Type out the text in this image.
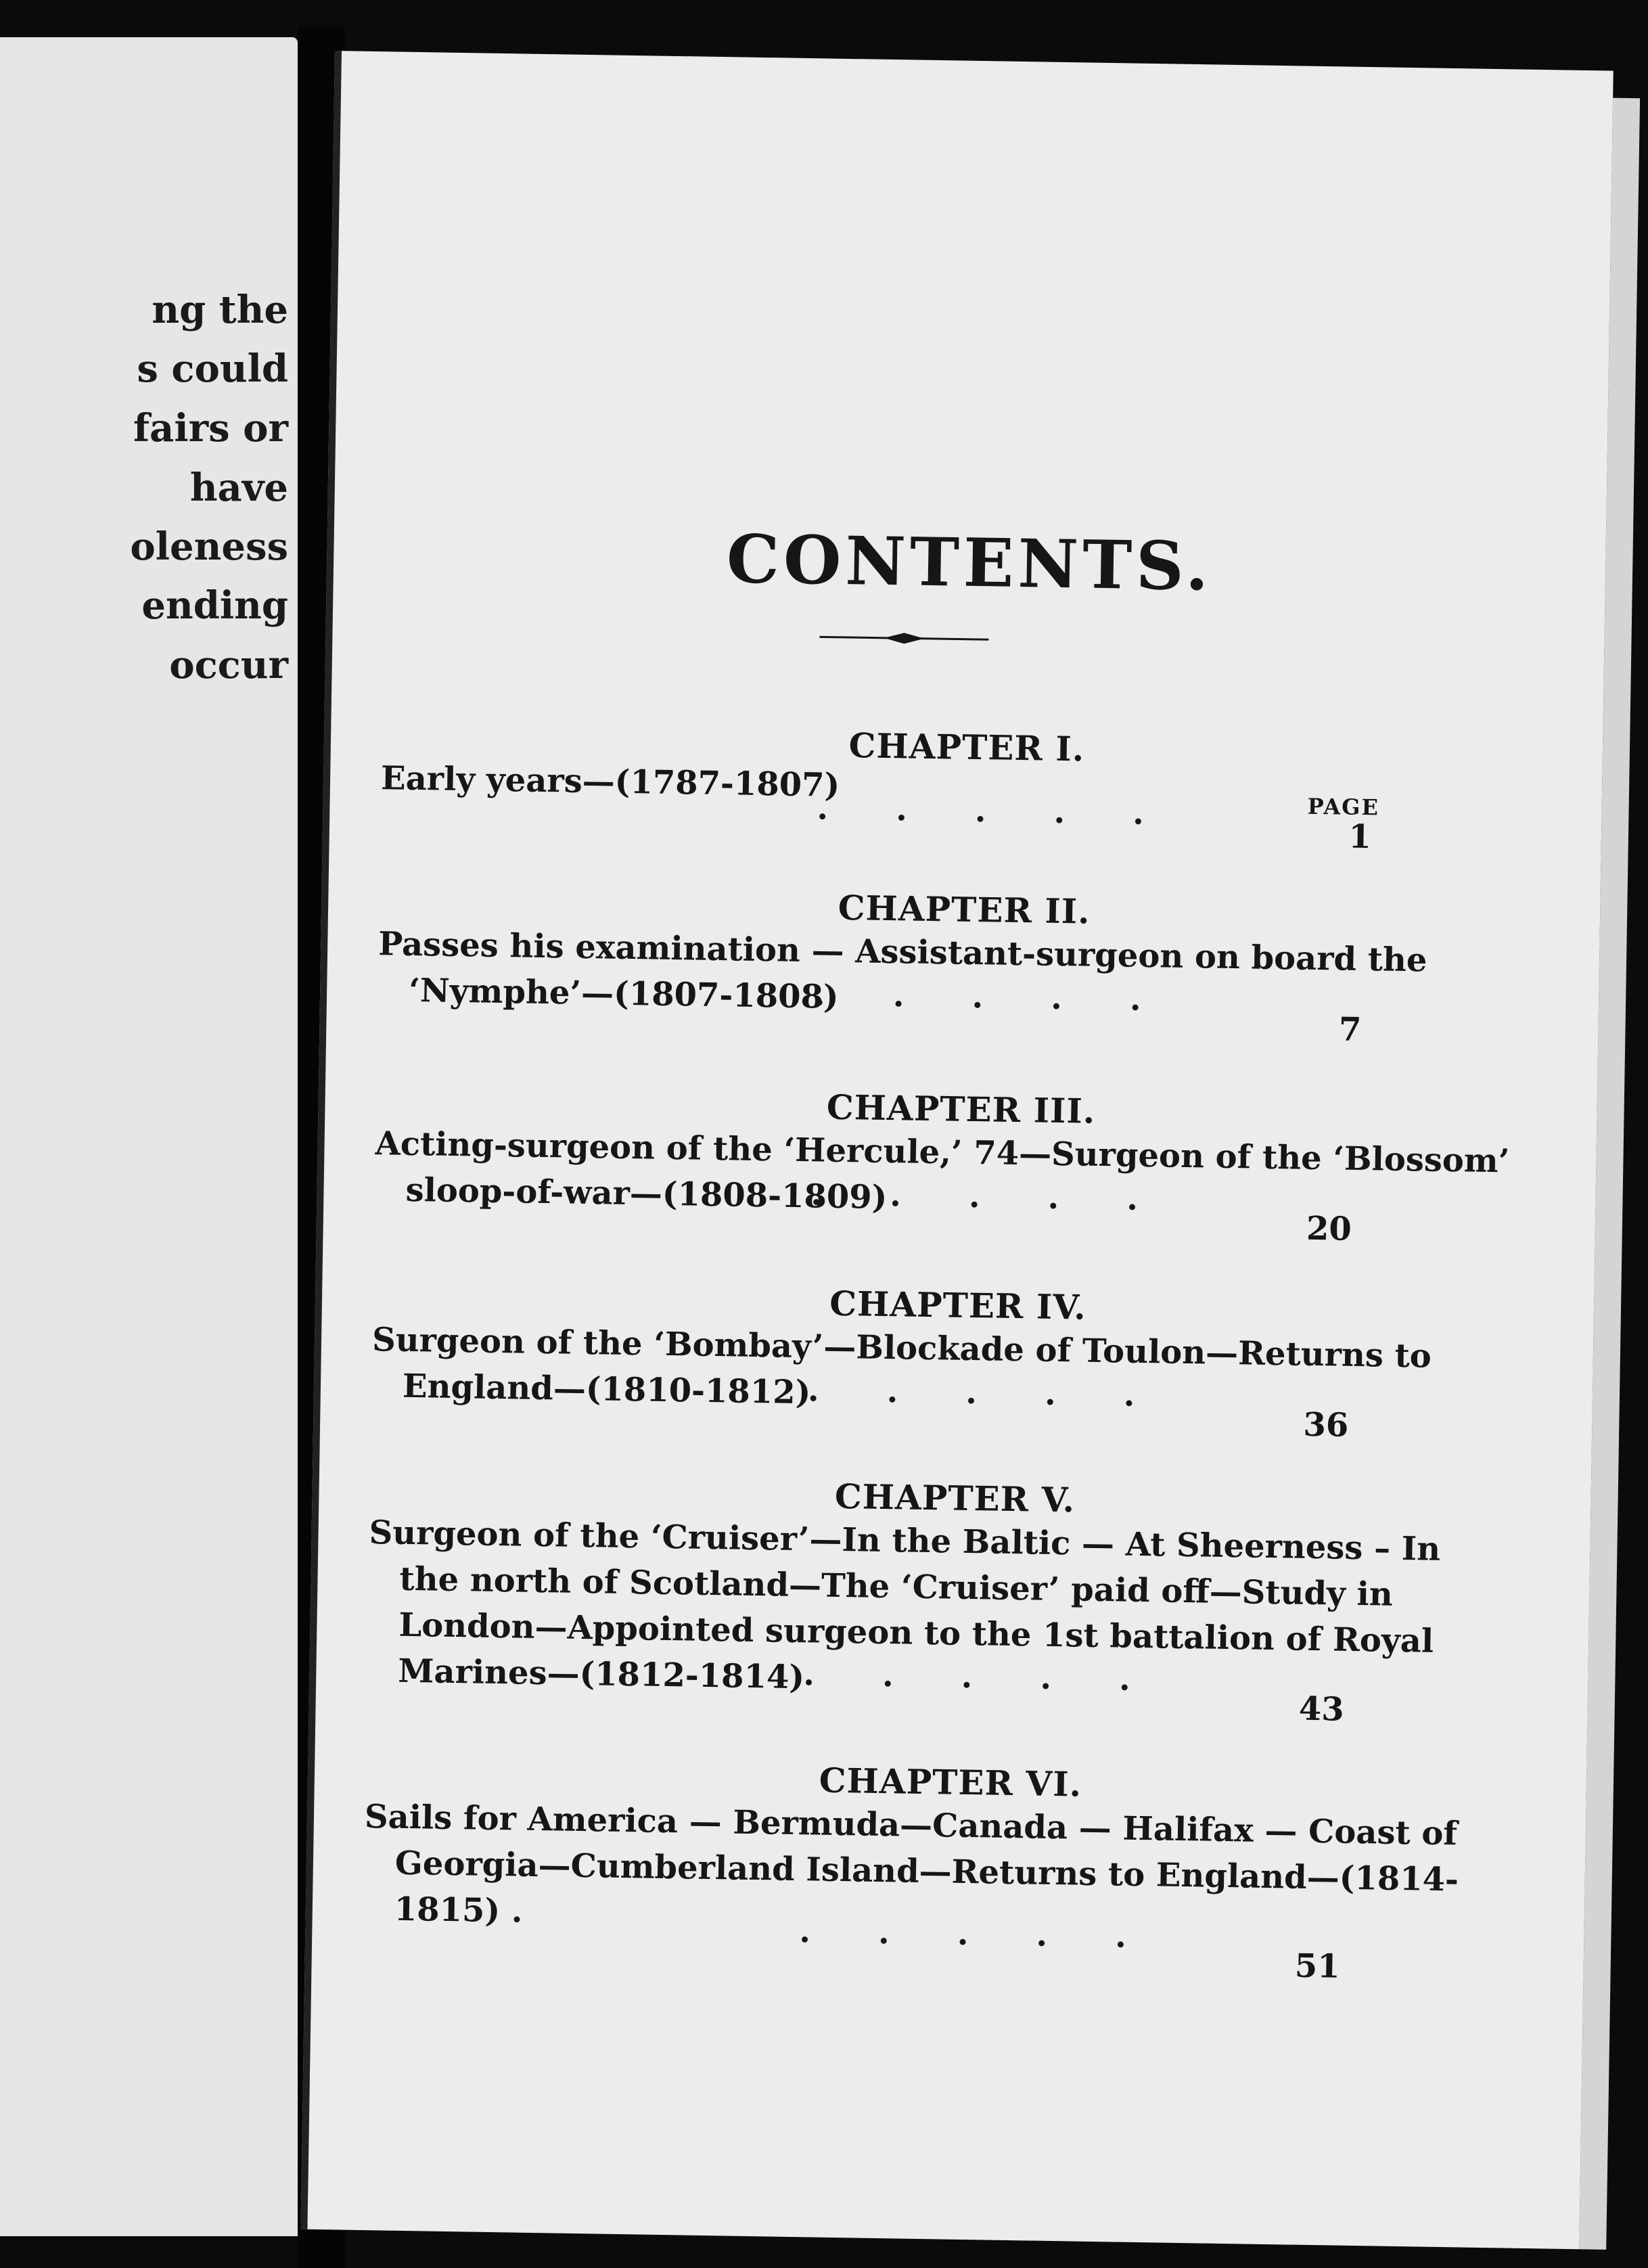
ng the
s could
fairs or
have
oleness
ending
occur
CONTENTS.
CHAPTER I.
PAGE
Early years—(1787-1807)
.....
1
CHAPTER II.
Passes his examination — Assistant-surgeon on board the
‘Nymphe’—(1807-1808)
.....
7
CHAPTER III.
Acting-surgeon of the ‘Hercule,’ 74—Surgeon of the ‘Blossom’
sloop-of-war—(1808-1809)
.....
20
CHAPTER IV.
Surgeon of the ‘Bombay’—Blockade of Toulon—Returns to
England—(1810-1812)
.....
36
CHAPTER V.
Surgeon of the ‘Cruiser’—In the Baltic — At Sheerness – In
the north of Scotland—The ‘Cruiser’ paid off—Study in
London—Appointed surgeon to the 1st battalion of Royal
Marines—(1812-1814)
.....
43
CHAPTER VI.
Sails for America — Bermuda—Canada — Halifax — Coast of
Georgia—Cumberland Island—Returns to England—(1814-
1815) .
.....
51
